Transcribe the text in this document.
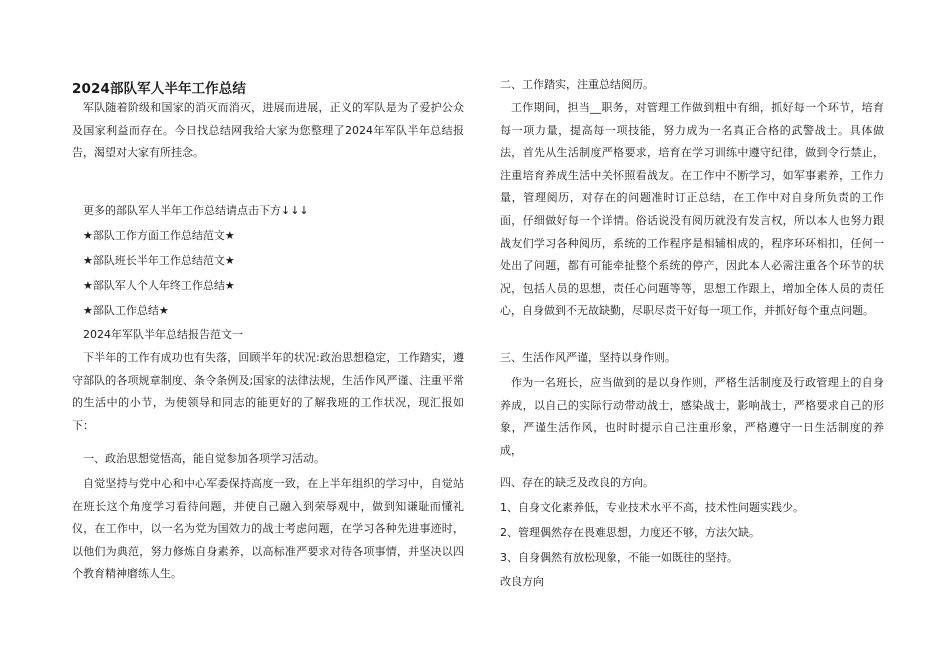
2024部队军人半年工作总结

军队随着阶级和国家的消灭而消灭，进展而进展，正义的军队是为了爱护公众及国家利益而存在。今日找总结网我给大家为您整理了2024年军队半年总结报告，渴望对大家有所挂念。

更多的部队军人半年工作总结请点击下方↓↓↓

★部队工作方面工作总结范文★

★部队班长半年工作总结范文★

★部队军人个人年终工作总结★

★部队工作总结★

2024年军队半年总结报告范文一

下半年的工作有成功也有失落，回顾半年的状况:政治思想稳定，工作踏实，遵守部队的各项规章制度、条令条例及;国家的法律法规，生活作风严谨、注重平常的生活中的小节，为使领导和同志的能更好的了解我班的工作状况，现汇报如下：

一、政治思想觉悟高，能自觉参加各项学习活动。

自觉坚持与党中心和中心军委保持高度一致，在上半年组织的学习中，自觉站在班长这个角度学习看待问题，并使自己融入到荣辱观中，做到知谦耻而懂礼仪，在工作中，以一名为党为国效力的战士考虑问题，在学习各种先进事迹时，以他们为典范，努力修炼自身素养，以高标准严要求对待各项事情，并坚决以四个教育精神磨练人生。

二、工作踏实，注重总结阅历。

工作期间，担当__职务，对管理工作做到粗中有细，抓好每一个环节，培育每一项力量，提高每一项技能，努力成为一名真正合格的武警战士。具体做法，首先从生活制度严格要求，培育在学习训练中遵守纪律，做到令行禁止，注重培育养成生活中关怀照看战友。在工作中不断学习，如军事素养，工作力量，管理阅历，对存在的问题准时订正总结，在工作中对自身所负责的工作面，仔细做好每一个详情。俗话说没有阅历就没有发言权，所以本人也努力跟战友们学习各种阅历，系统的工作程序是相辅相成的，程序环环相扣，任何一处出了问题，都有可能牵扯整个系统的停产，因此本人必需注重各个环节的状况，包括人员的思想，责任心问题等等，思想工作跟上，增加全体人员的责任心，自身做到不无故缺勤，尽职尽责干好每一项工作，并抓好每个重点问题。

三、生活作风严谨，坚持以身作则。

作为一名班长，应当做到的是以身作则，严格生活制度及行政管理上的自身养成，以自己的实际行动带动战士，感染战士，影响战士，严格要求自己的形象，严谨生活作风，也时时提示自己注重形象，严格遵守一日生活制度的养成，

四、存在的缺乏及改良的方向。

1、自身文化素养低，专业技术水平不高，技术性问题实践少。

2、管理偶然存在畏难思想，力度还不够，方法欠缺。

3、自身偶然有放松现象，不能一如既往的坚持。

改良方向
